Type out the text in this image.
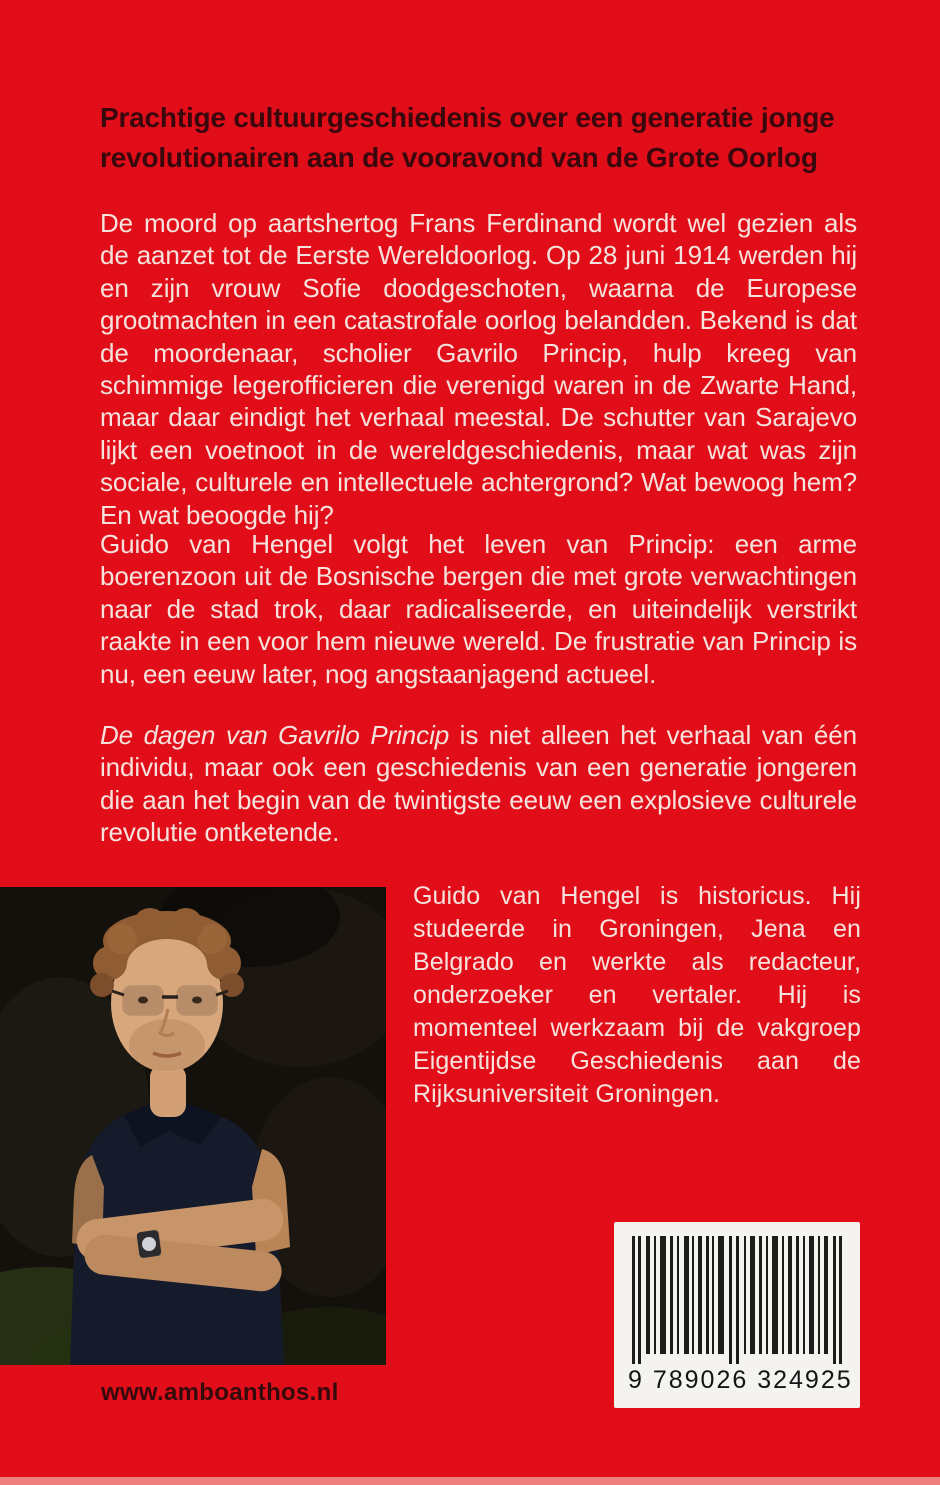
Prachtige cultuurgeschiedenis over een generatie jonge revolutionairen aan de vooravond van de Grote Oorlog

De moord op aartshertog Frans Ferdinand wordt wel gezien als de aanzet tot de Eerste Wereldoorlog. Op 28 juni 1914 werden hij en zijn vrouw Sofie doodgeschoten, waarna de Europese grootmachten in een catastrofale oorlog belandden. Bekend is dat de moordenaar, scholier Gavrilo Princip, hulp kreeg van schimmige legerofficieren die verenigd waren in de Zwarte Hand, maar daar eindigt het verhaal meestal. De schutter van Sarajevo lijkt een voetnoot in de wereldgeschiedenis, maar wat was zijn sociale, culturele en intellectuele achtergrond? Wat bewoog hem? En wat beoogde hij?

Guido van Hengel volgt het leven van Princip: een arme boerenzoon uit de Bosnische bergen die met grote verwachtingen naar de stad trok, daar radicaliseerde, en uiteindelijk verstrikt raakte in een voor hem nieuwe wereld. De frustratie van Princip is nu, een eeuw later, nog angstaanjagend actueel.

De dagen van Gavrilo Princip is niet alleen het verhaal van één individu, maar ook een geschiedenis van een generatie jongeren die aan het begin van de twintigste eeuw een explosieve culturele revolutie ontketende.

Guido van Hengel is historicus. Hij studeerde in Groningen, Jena en Belgrado en werkte als redacteur, onderzoeker en vertaler. Hij is momenteel werkzaam bij de vakgroep Eigentijdse Geschiedenis aan de Rijksuniversiteit Groningen.

9 789026 324925
www.amboanthos.nl
